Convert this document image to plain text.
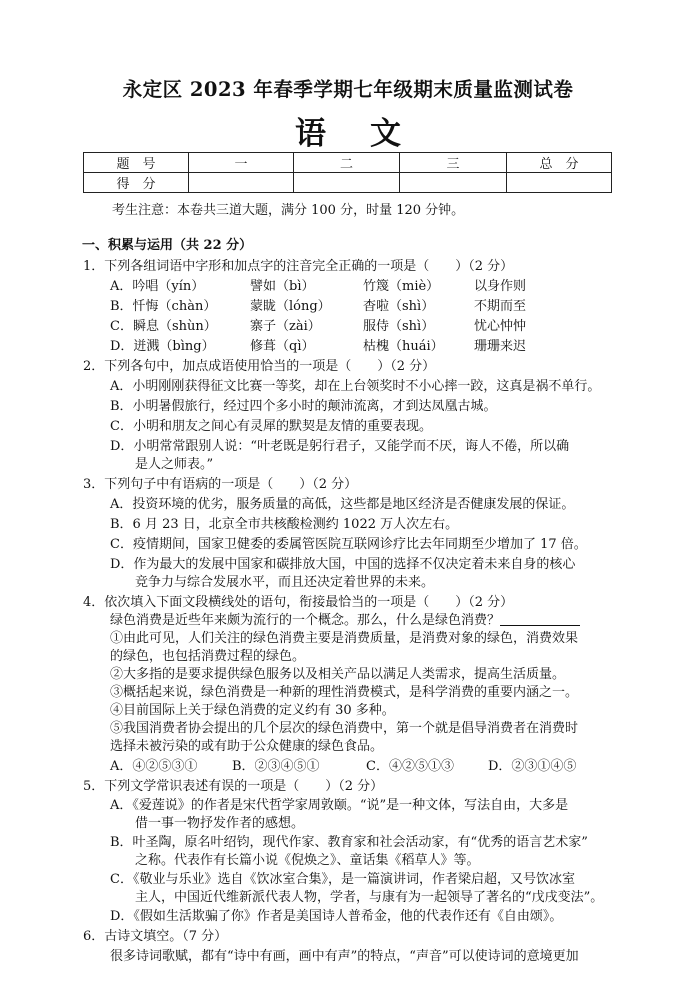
永定区 2023 年春季学期七年级期末质量监测试卷
语文
题　号	一	二	三	总　分
得　分				
考生注意：本卷共三道大题，满分 100 分，时量 120 分钟。
一、积累与运用（共 22 分）
1．下列各组词语中字形和加点字的注音完全正确的一项是（　　）（2 分）
A．吟唱（yín）	譬如（bì）	竹篾（miè）	以身作则
B．忏悔（chàn）	蒙眬（lóng） 杳啦（shì）	不期而至
C．瞬息（shùn）	寨子（zài）	服侍（shì）	忧心忡忡
D．迸溅（bìng）	修葺（qì）	枯槐（huái） 珊珊来迟
2．下列各句中，加点成语使用恰当的一项是（　　）（2 分）
A．小明刚刚获得征文比赛一等奖，却在上台领奖时不小心摔一跤，这真是祸不单行。
B．小明暑假旅行，经过四个多小时的颠沛流离，才到达凤凰古城。
C．小明和朋友之间心有灵犀的默契是友情的重要表现。
D．小明常常跟别人说：“叶老既是躬行君子，又能学而不厌，诲人不倦，所以确
是人之师表。”
3．下列句子中有语病的一项是（　　）（2 分）
A．投资环境的优劣，服务质量的高低，这些都是地区经济是否健康发展的保证。
B．6 月 23 日，北京全市共核酸检测约 1022 万人次左右。
C．疫情期间，国家卫健委的委属管医院互联网诊疗比去年同期至少增加了 17 倍。
D．作为最大的发展中国家和碳排放大国，中国的选择不仅决定着未来自身的核心
竞争力与综合发展水平，而且还决定着世界的未来。
4．依次填入下面文段横线处的语句，衔接最恰当的一项是（　　）（2 分）
绿色消费是近些年来颇为流行的一个概念。那么，什么是绿色消费？
①由此可见，人们关注的绿色消费主要是消费质量，是消费对象的绿色，消费效果
的绿色，也包括消费过程的绿色。
②大多指的是要求提供绿色服务以及相关产品以满足人类需求，提高生活质量。
③概括起来说，绿色消费是一种新的理性消费模式，是科学消费的重要内涵之一。
④目前国际上关于绿色消费的定义约有 30 多种。
⑤我国消费者协会提出的几个层次的绿色消费中，第一个就是倡导消费者在消费时
选择未被污染的或有助于公众健康的绿色食品。
A．④②⑤③①	B．②③④⑤①	C．④②⑤①③	D．②③①④⑤
5．下列文学常识表述有误的一项是（　　）（2 分）
A．《爱莲说》的作者是宋代哲学家周敦颐。“说”是一种文体，写法自由，大多是
借一事一物抒发作者的感想。
B．叶圣陶，原名叶绍钧，现代作家、教育家和社会活动家，有“优秀的语言艺术家”
之称。代表作有长篇小说《倪焕之》、童话集《稻草人》等。
C．《敬业与乐业》选自《饮冰室合集》，是一篇演讲词，作者梁启超，又号饮冰室
主人，中国近代维新派代表人物，学者，与康有为一起领导了著名的“戊戌变法”。
D．《假如生活欺骗了你》作者是美国诗人普希金，他的代表作还有《自由颂》。
6．古诗文填空。（7 分）
很多诗词歌赋，都有“诗中有画，画中有声”的特点，“声音”可以使诗词的意境更加
